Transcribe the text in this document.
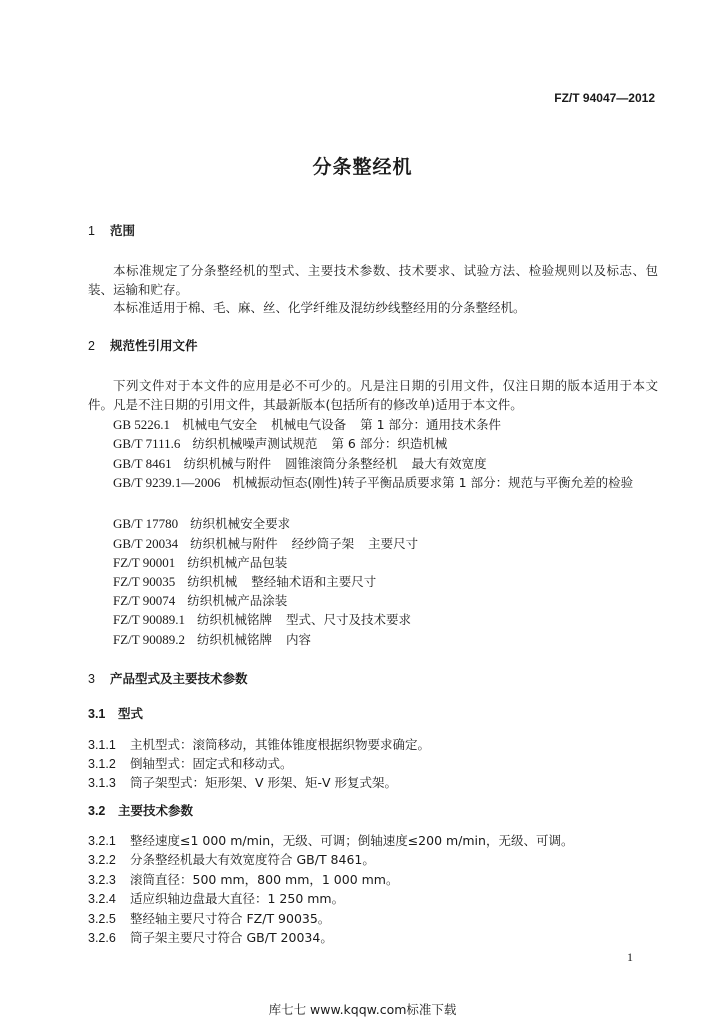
FZ/T 94047—2012
分条整经机
1 范围
本标准规定了分条整经机的型式、主要技术参数、技术要求、试验方法、检验规则以及标志、包装、运输和贮存。
本标准适用于棉、毛、麻、丝、化学纤维及混纺纱线整经用的分条整经机。
2 规范性引用文件
下列文件对于本文件的应用是必不可少的。凡是注日期的引用文件，仅注日期的版本适用于本文件。凡是不注日期的引用文件，其最新版本(包括所有的修改单)适用于本文件。
GB 5226.1 机械电气安全 机械电气设备 第 1 部分：通用技术条件
GB/T 7111.6 纺织机械噪声测试规范 第 6 部分：织造机械
GB/T 8461 纺织机械与附件 圆锥滚筒分条整经机 最大有效宽度
GB/T 9239.1—2006 机械振动恒态(刚性)转子平衡品质要求第 1 部分：规范与平衡允差的检验
GB/T 17780 纺织机械安全要求
GB/T 20034 纺织机械与附件 经纱筒子架 主要尺寸
FZ/T 90001 纺织机械产品包装
FZ/T 90035 纺织机械 整经轴术语和主要尺寸
FZ/T 90074 纺织机械产品涂装
FZ/T 90089.1 纺织机械铭牌 型式、尺寸及技术要求
FZ/T 90089.2 纺织机械铭牌 内容
3 产品型式及主要技术参数
3.1 型式
3.1.1 主机型式：滚筒移动，其锥体锥度根据织物要求确定。
3.1.2 倒轴型式：固定式和移动式。
3.1.3 筒子架型式：矩形架、V 形架、矩-V 形复式架。
3.2 主要技术参数
3.2.1 整经速度≤1 000 m/min，无级、可调；倒轴速度≤200 m/min，无级、可调。
3.2.2 分条整经机最大有效宽度符合 GB/T 8461。
3.2.3 滚筒直径：500 mm，800 mm，1 000 mm。
3.2.4 适应织轴边盘最大直径：1 250 mm。
3.2.5 整经轴主要尺寸符合 FZ/T 90035。
3.2.6 筒子架主要尺寸符合 GB/T 20034。
1
库七七 www.kqqw.com标准下载
